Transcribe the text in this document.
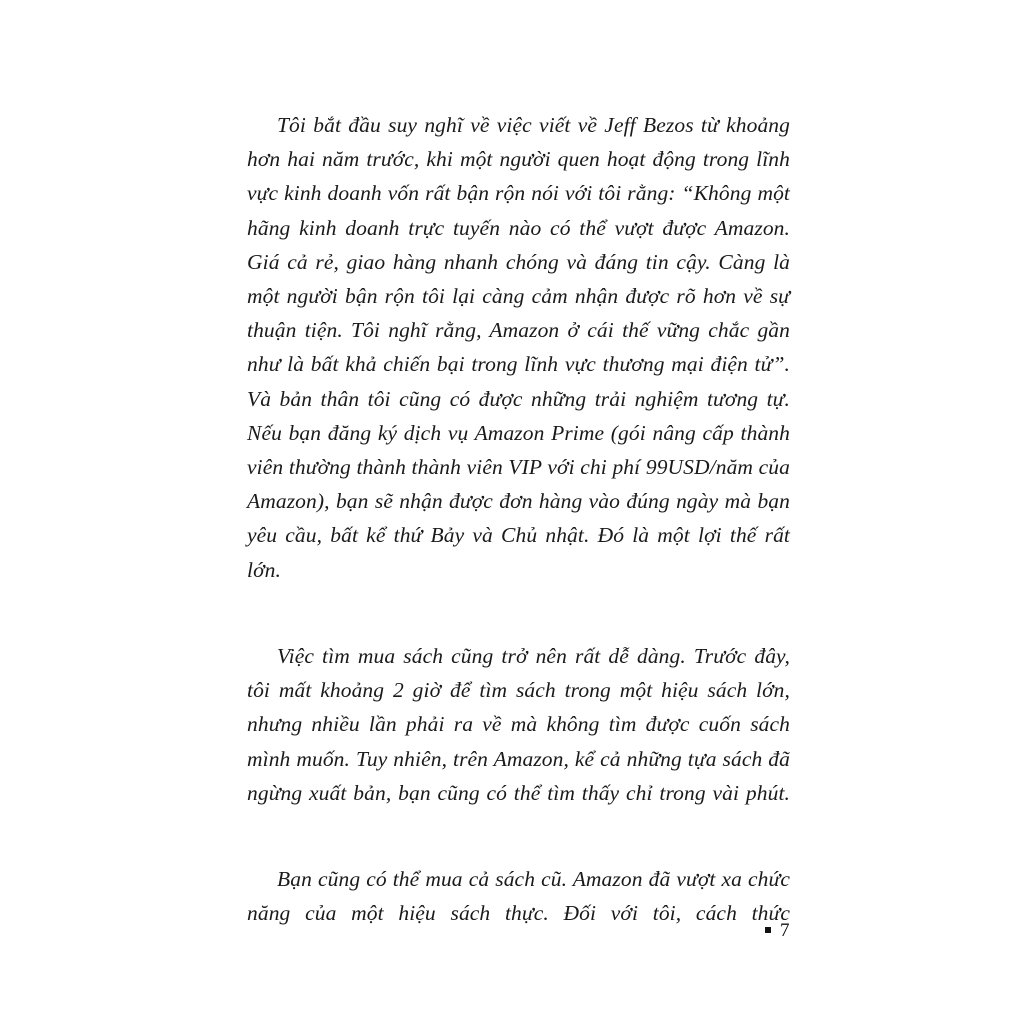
Tôi bắt đầu suy nghĩ về việc viết về Jeff Bezos từ khoảng hơn hai năm trước, khi một người quen hoạt động trong lĩnh vực kinh doanh vốn rất bận rộn nói với tôi rằng: “Không một hãng kinh doanh trực tuyến nào có thể vượt được Amazon. Giá cả rẻ, giao hàng nhanh chóng và đáng tin cậy. Càng là một người bận rộn tôi lại càng cảm nhận được rõ hơn về sự thuận tiện. Tôi nghĩ rằng, Amazon ở cái thế vững chắc gần như là bất khả chiến bại trong lĩnh vực thương mại điện tử”. Và bản thân tôi cũng có được những trải nghiệm tương tự. Nếu bạn đăng ký dịch vụ Amazon Prime (gói nâng cấp thành viên thường thành thành viên VIP với chi phí 99USD/năm của Amazon), bạn sẽ nhận được đơn hàng vào đúng ngày mà bạn yêu cầu, bất kể thứ Bảy và Chủ nhật. Đó là một lợi thế rất lớn.

Việc tìm mua sách cũng trở nên rất dễ dàng. Trước đây, tôi mất khoảng 2 giờ để tìm sách trong một hiệu sách lớn, nhưng nhiều lần phải ra về mà không tìm được cuốn sách mình muốn. Tuy nhiên, trên Amazon, kể cả những tựa sách đã ngừng xuất bản, bạn cũng có thể tìm thấy chỉ trong vài phút.

Bạn cũng có thể mua cả sách cũ. Amazon đã vượt xa chức năng của một hiệu sách thực. Đối với tôi, cách thức

7
